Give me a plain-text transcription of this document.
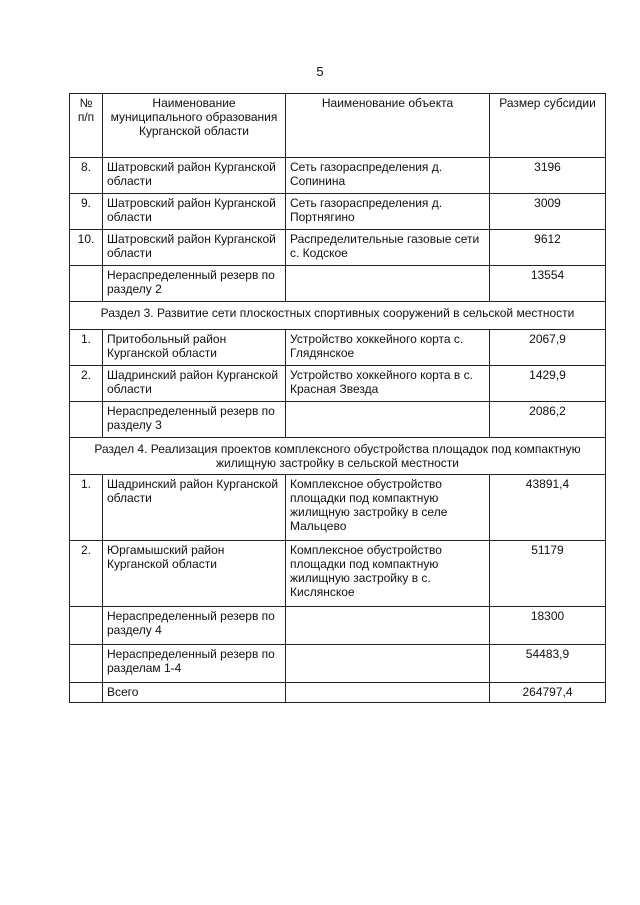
5
№ п/п	Наименование муниципального образования Курганской области	Наименование объекта	Размер субсидии
8.	Шатровский район Курганской области	Сеть газораспределения д. Сопинина	3196
9.	Шатровский район Курганской области	Сеть газораспределения д. Портнягино	3009
10.	Шатровский район Курганской области	Распределительные газовые сети с. Кодское	9612
	Нераспределенный резерв по разделу 2		13554
Раздел 3. Развитие сети плоскостных спортивных сооружений в сельской местности			
1.	Притобольный район Курганской области	Устройство хоккейного корта с. Глядянское	2067,9
2.	Шадринский район Курганской области	Устройство хоккейного корта в с. Красная Звезда	1429,9
	Нераспределенный резерв по разделу 3		2086,2
Раздел 4. Реализация проектов комплексного обустройства площадок под компактную жилищную застройку в сельской местности			
1.	Шадринский район Курганской области	Комплексное обустройство площадки под компактную жилищную застройку в селе Мальцево	43891,4
2.	Юргамышский район Курганской области	Комплексное обустройство площадки под компактную жилищную застройку в с. Кислянское	51179
	Нераспределенный резерв по разделу 4		18300
	Нераспределенный резерв по разделам 1-4		54483,9
	Всего		264797,4
